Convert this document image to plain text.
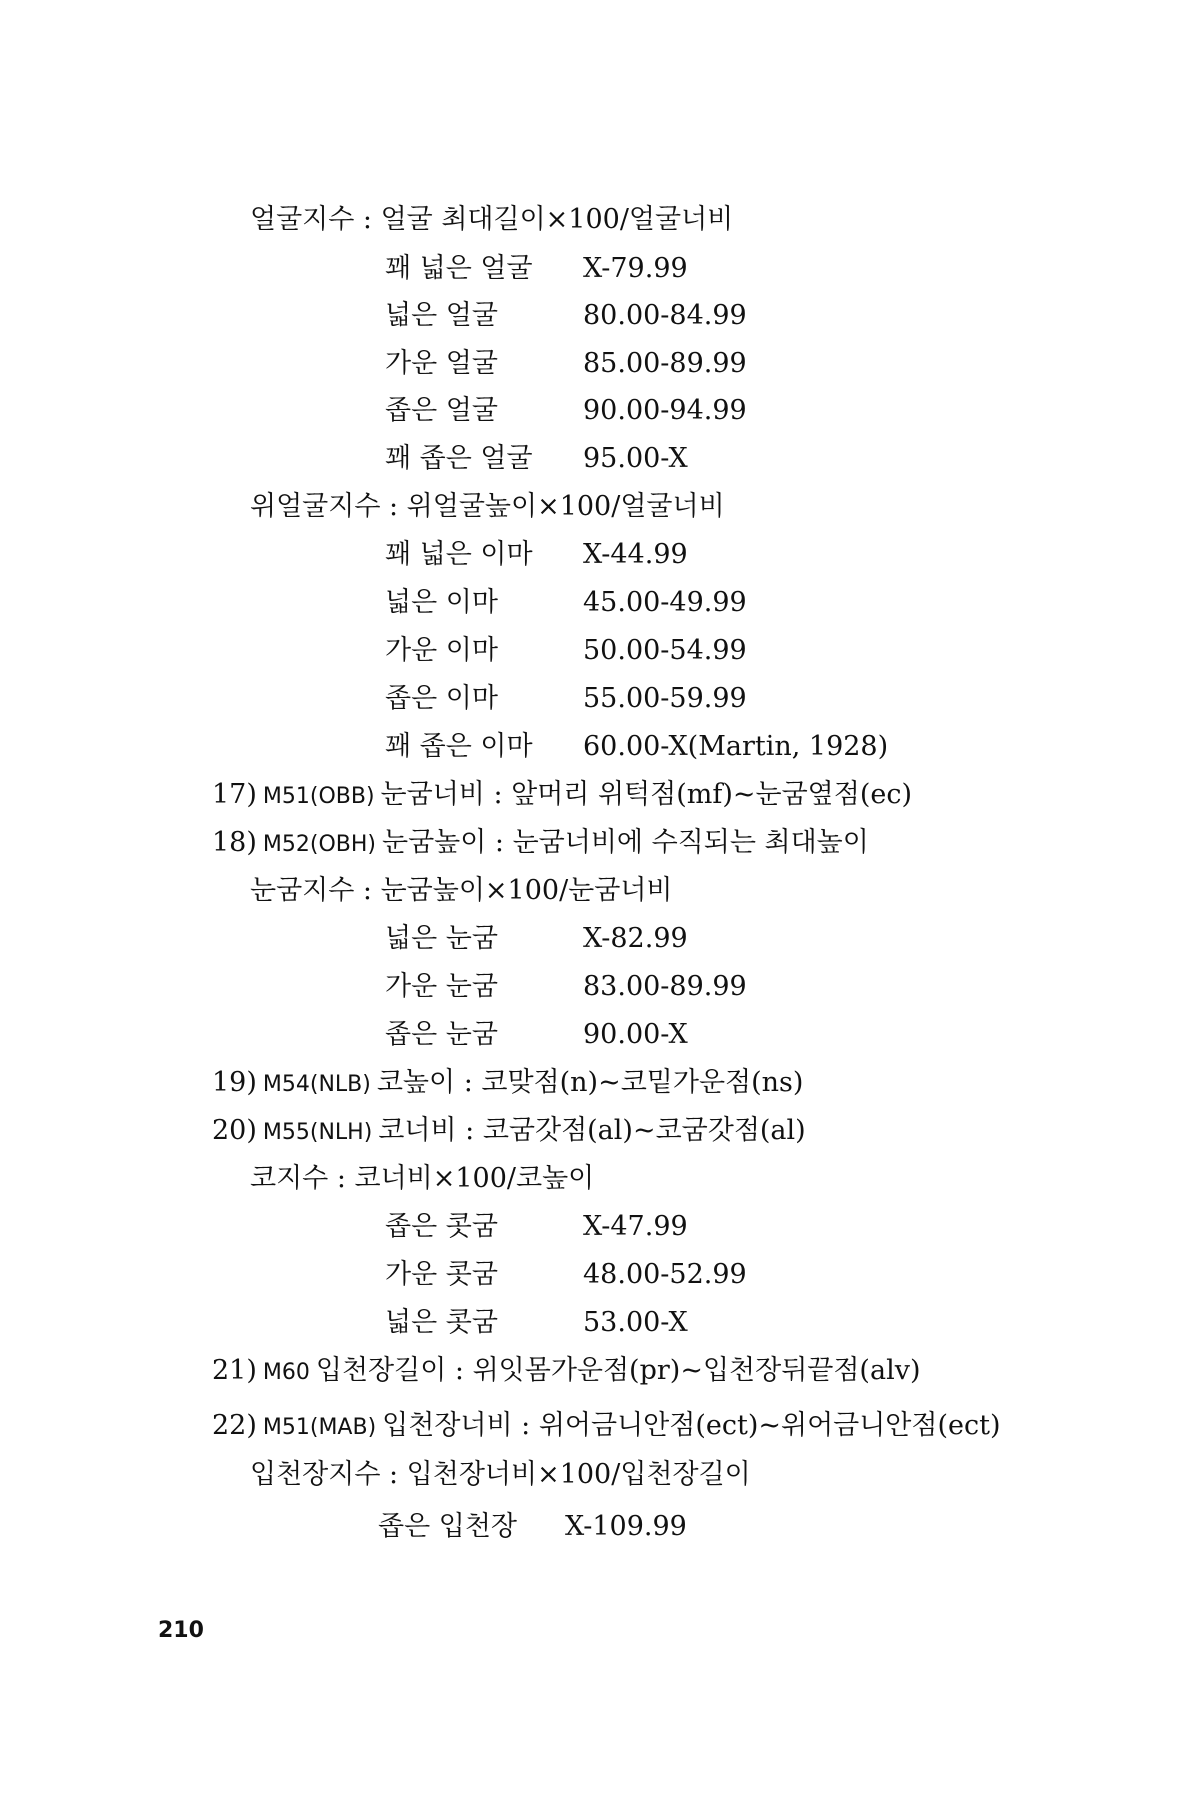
얼굴지수 : 얼굴 최대길이×100/얼굴너비
꽤 넓은 얼굴 X-79.99
넓은 얼굴	80.00-84.99
가운 얼굴	85.00-89.99
좁은 얼굴	90.00-94.99
꽤 좁은 얼굴 95.00-X
위얼굴지수 : 위얼굴높이×100/얼굴너비
꽤 넓은 이마 X-44.99
넓은 이마	45.00-49.99
가운 이마	50.00-54.99
좁은 이마	55.00-59.99
꽤 좁은 이마 60.00-X(Martin, 1928)
17) M51(OBB) 눈굼너비 : 앞머리 위턱점(mf)~눈굼옆점(ec)
18) M52(OBH) 눈굼높이 : 눈굼너비에 수직되는 최대높이
눈굼지수 : 눈굼높이×100/눈굼너비
넓은 눈굼	X-82.99
가운 눈굼	83.00-89.99
좁은 눈굼	90.00-X
19) M54(NLB) 코높이 : 코맞점(n)~코밑가운점(ns)
20) M55(NLH) 코너비 : 코굼갓점(al)~코굼갓점(al)
코지수 : 코너비×100/코높이
좁은 콧굼	X-47.99
가운 콧굼	48.00-52.99
넓은 콧굼	53.00-X
21) M60 입천장길이 : 위잇몸가운점(pr)~입천장뒤끝점(alv)
22) M51(MAB) 입천장너비 : 위어금니안점(ect)~위어금니안점(ect)
입천장지수 : 입천장너비×100/입천장길이
좁은 입천장 X-109.99
210
